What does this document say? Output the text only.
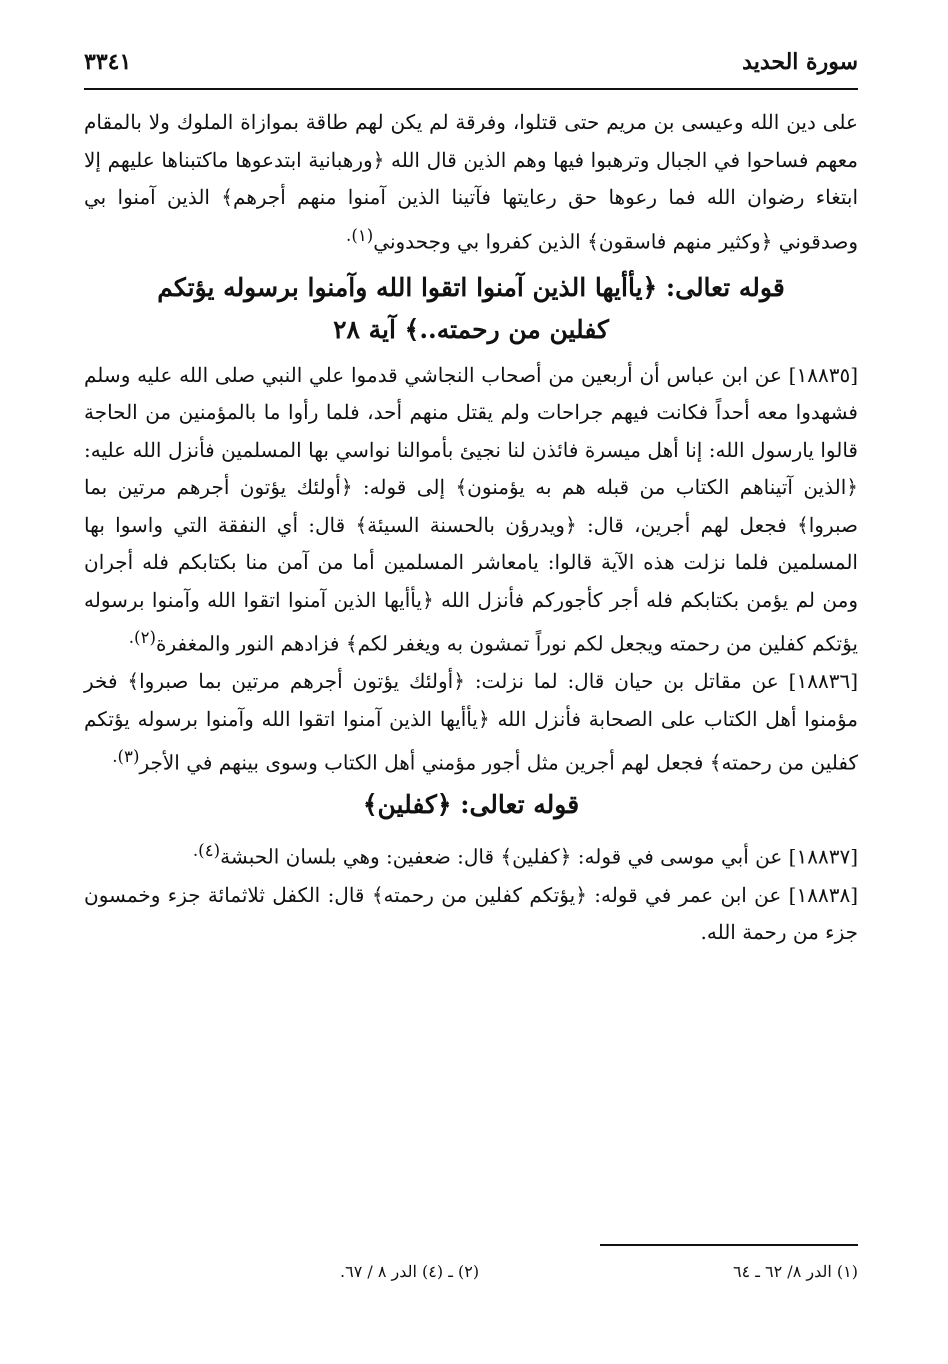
سورة الحديد
٣٣٤١

على دين الله وعيسى بن مريم حتى قتلوا، وفرقة لم يكن لهم طاقة بموازاة الملوك ولا بالمقام معهم فساحوا في الجبال وترهبوا فيها وهم الذين قال الله ﴿ورهبانية ابتدعوها ماكتبناها عليهم إلا ابتغاء رضوان الله فما رعوها حق رعايتها فآتينا الذين آمنوا منهم أجرهم﴾ الذين آمنوا بي وصدقوني ﴿وكثير منهم فاسقون﴾ الذين كفروا بي وجحدوني$^{(١).}$

قوله تعالى: ﴿يأأيها الذين آمنوا اتقوا الله وآمنوا برسوله يؤتكم كفلين من رحمته..﴾ آية ٢٨

[١٨٨٣٥] عن ابن عباس أن أربعين من أصحاب النجاشي قدموا علي النبي صلى الله عليه وسلم فشهدوا معه أحداً فكانت فيهم جراحات ولم يقتل منهم أحد، فلما رأوا ما بالمؤمنين من الحاجة قالوا يارسول الله: إنا أهل ميسرة فائذن لنا نجيئ بأموالنا نواسي بها المسلمين فأنزل الله عليه: ﴿الذين آتيناهم الكتاب من قبله هم به يؤمنون﴾ إلى قوله: ﴿أولئك يؤتون أجرهم مرتين بما صبروا﴾ فجعل لهم أجرين، قال: ﴿ويدرؤن بالحسنة السيئة﴾ قال: أي النفقة التي واسوا بها المسلمين فلما نزلت هذه الآية قالوا: يامعاشر المسلمين أما من آمن منا بكتابكم فله أجران ومن لم يؤمن بكتابكم فله أجر كأجوركم فأنزل الله ﴿يأأيها الذين آمنوا اتقوا الله وآمنوا برسوله يؤتكم كفلين من رحمته ويجعل لكم نوراً تمشون به ويغفر لكم﴾ فزادهم النور والمغفرة$^{(٢).}$

[١٨٨٣٦] عن مقاتل بن حيان قال: لما نزلت: ﴿أولئك يؤتون أجرهم مرتين بما صبروا﴾ فخر مؤمنوا أهل الكتاب على الصحابة فأنزل الله ﴿يأأيها الذين آمنوا اتقوا الله وآمنوا برسوله يؤتكم كفلين من رحمته﴾ فجعل لهم أجرين مثل أجور مؤمني أهل الكتاب وسوى بينهم في الأجر$^{(٣).}$

قوله تعالى: ﴿كفلين﴾

[١٨٨٣٧] عن أبي موسى في قوله: ﴿كفلين﴾ قال: ضعفين: وهي بلسان الحبشة$^{(٤).}$

[١٨٨٣٨] عن ابن عمر في قوله: ﴿يؤتكم كفلين من رحمته﴾ قال: الكفل ثلاثمائة جزء وخمسون جزء من رحمة الله.

(١) الدر ٨/ ٦٢ ـ ٦٤
(٢) ـ (٤) الدر ٨ / ٦٧.
